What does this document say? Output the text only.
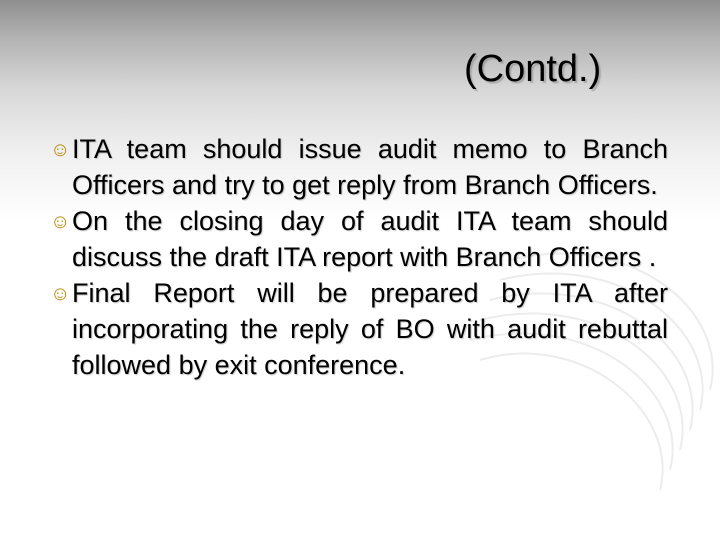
(Contd.)
☺ ITA team should issue audit memo to Branch Officers and try to get reply from Branch Officers.
☺ On the closing day of audit ITA team should discuss the draft ITA report with Branch Officers .
☺ Final Report will be prepared by ITA after incorporating the reply of BO with audit rebuttal followed by exit conference.
